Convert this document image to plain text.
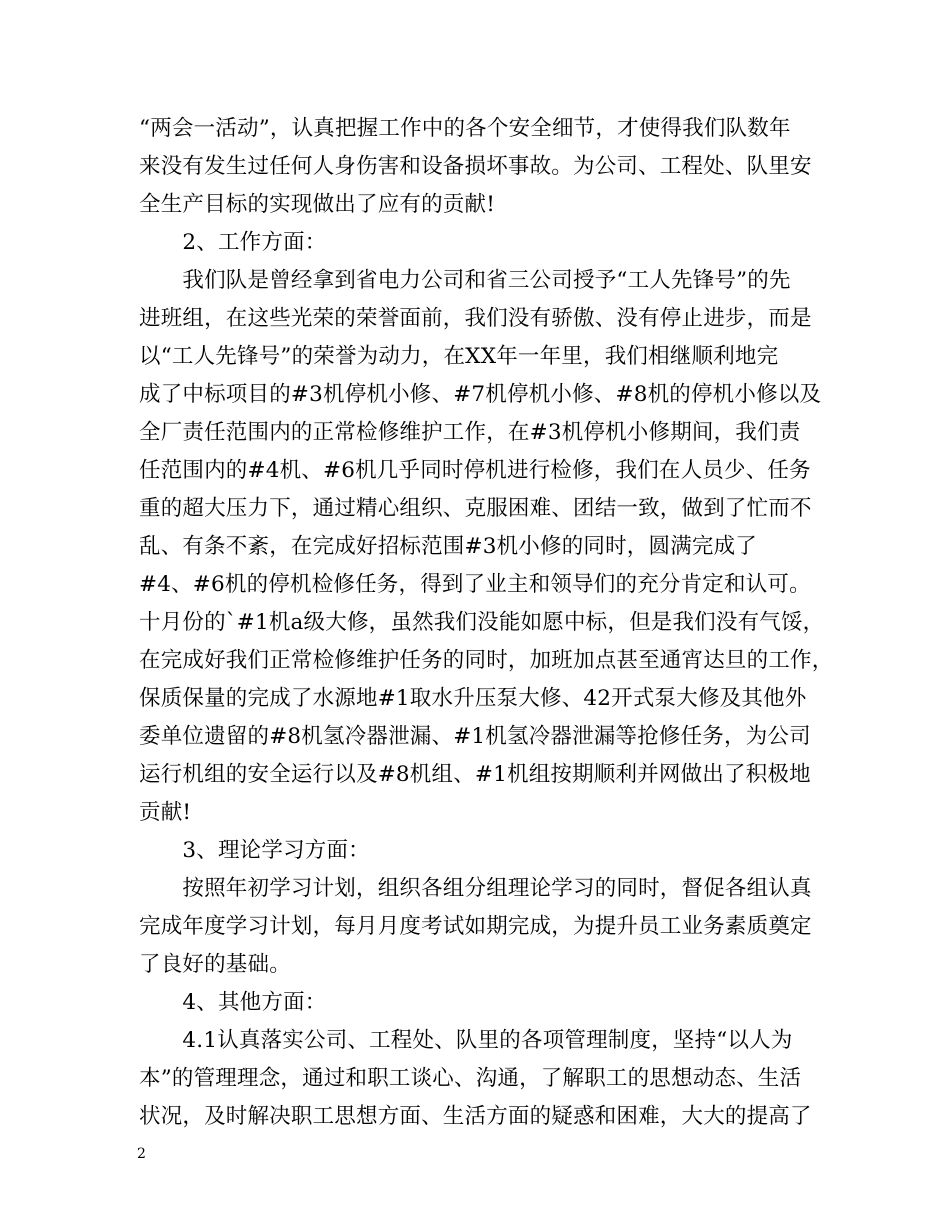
“两会一活动”，认真把握工作中的各个安全细节，才使得我们队数年
来没有发生过任何人身伤害和设备损坏事故。为公司、工程处、队里安
全生产目标的实现做出了应有的贡献!
　　2、工作方面：
　　我们队是曾经拿到省电力公司和省三公司授予“工人先锋号”的先
进班组，在这些光荣的荣誉面前，我们没有骄傲、没有停止进步，而是
以“工人先锋号”的荣誉为动力，在XX年一年里，我们相继顺利地完
成了中标项目的#3机停机小修、#7机停机小修、#8机的停机小修以及
全厂责任范围内的正常检修维护工作，在#3机停机小修期间，我们责
任范围内的#4机、#6机几乎同时停机进行检修，我们在人员少、任务
重的超大压力下，通过精心组织、克服困难、团结一致，做到了忙而不
乱、有条不紊，在完成好招标范围#3机小修的同时，圆满完成了
#4、#6机的停机检修任务，得到了业主和领导们的充分肯定和认可。
十月份的`#1机a级大修，虽然我们没能如愿中标，但是我们没有气馁，
在完成好我们正常检修维护任务的同时，加班加点甚至通宵达旦的工作，
保质保量的完成了水源地#1取水升压泵大修、42开式泵大修及其他外
委单位遗留的#8机氢冷器泄漏、#1机氢冷器泄漏等抢修任务，为公司
运行机组的安全运行以及#8机组、#1机组按期顺利并网做出了积极地
贡献!
　　3、理论学习方面：
　　按照年初学习计划，组织各组分组理论学习的同时，督促各组认真
完成年度学习计划，每月月度考试如期完成，为提升员工业务素质奠定
了良好的基础。
　　4、其他方面：
　　4.1认真落实公司、工程处、队里的各项管理制度，坚持“以人为
本”的管理理念，通过和职工谈心、沟通，了解职工的思想动态、生活
状况，及时解决职工思想方面、生活方面的疑惑和困难，大大的提高了
2
